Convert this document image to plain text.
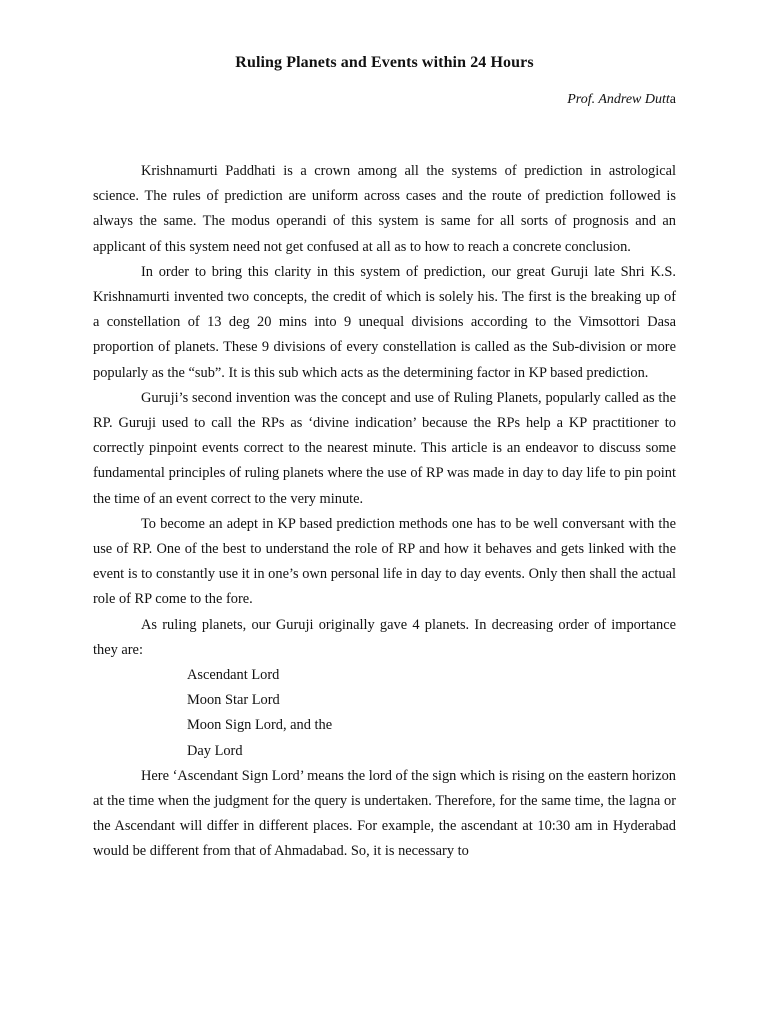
Ruling Planets and Events within 24 Hours
Prof. Andrew Dutta

Krishnamurti Paddhati is a crown among all the systems of prediction in astrological science. The rules of prediction are uniform across cases and the route of prediction followed is always the same. The modus operandi of this system is same for all sorts of prognosis and an applicant of this system need not get confused at all as to how to reach a concrete conclusion.

In order to bring this clarity in this system of prediction, our great Guruji late Shri K.S. Krishnamurti invented two concepts, the credit of which is solely his. The first is the breaking up of a constellation of 13 deg 20 mins into 9 unequal divisions according to the Vimsottori Dasa proportion of planets. These 9 divisions of every constellation is called as the Sub-division or more popularly as the “sub”. It is this sub which acts as the determining factor in KP based prediction.

Guruji’s second invention was the concept and use of Ruling Planets, popularly called as the RP. Guruji used to call the RPs as ‘divine indication’ because the RPs help a KP practitioner to correctly pinpoint events correct to the nearest minute. This article is an endeavor to discuss some fundamental principles of ruling planets where the use of RP was made in day to day life to pin point the time of an event correct to the very minute.

To become an adept in KP based prediction methods one has to be well conversant with the use of RP. One of the best to understand the role of RP and how it behaves and gets linked with the event is to constantly use it in one’s own personal life in day to day events. Only then shall the actual role of RP come to the fore.

As ruling planets, our Guruji originally gave 4 planets. In decreasing order of importance they are:

Ascendant Lord
Moon Star Lord
Moon Sign Lord, and the
Day Lord

Here ‘Ascendant Sign Lord’ means the lord of the sign which is rising on the eastern horizon at the time when the judgment for the query is undertaken. Therefore, for the same time, the lagna or the Ascendant will differ in different places. For example, the ascendant at 10:30 am in Hyderabad would be different from that of Ahmadabad. So, it is necessary to
